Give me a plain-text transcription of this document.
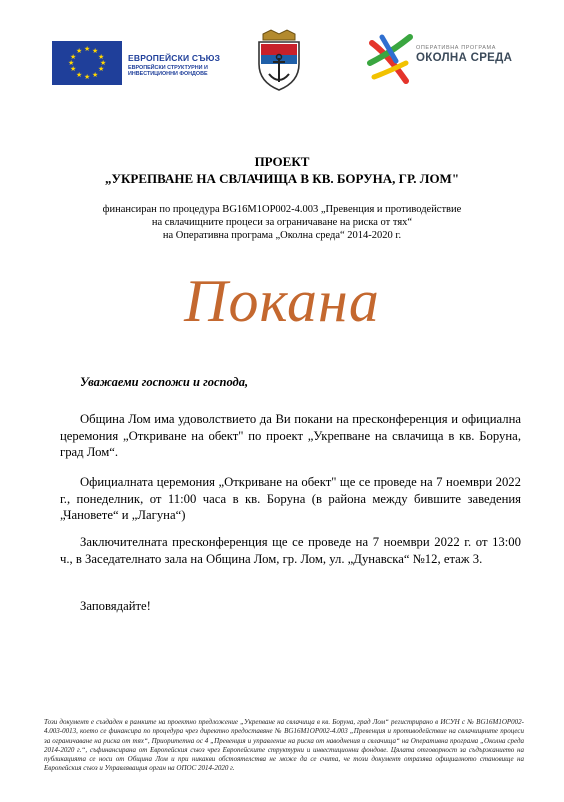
★ ★
★
★
★
★
★
★
★
★
★
★
ЕВРОПЕЙСКИ СЪЮЗ
ЕВРОПЕЙСКИ СТРУКТУРНИ И
ИНВЕСТИЦИОННИ ФОНДОВЕ
ОПЕРАТИВНА ПРОГРАМА
ОКОЛНА СРЕДА
ПРОЕКТ
„УКРЕПВАНЕ НА СВЛАЧИЩА В КВ. БОРУНА, ГР. ЛОМ"
финансиран по процедура BG16M1OP002-4.003 „Превенция и противодействие
на свлачищните процеси за ограничаване на риска от тях“
на Оперативна програма „Околна среда“ 2014-2020 г.
Покана
Уважаеми госпожи и господа,
Община Лом има удоволствието да Ви покани на пресконференция и официална церемония „Откриване на обект" по проект „Укрепване на свлачища в кв. Боруна, град Лом“.
Официалната церемония „Откриване на обект" ще се проведе на 7 ноември 2022 г., понеделник, от 11:00 часа в кв. Боруна (в района между бившите заведения „Чановете“ и „Лагуна“)
Заключителната пресконференция ще се проведе на 7 ноември 2022 г. от 13:00 ч., в Заседателнато зала на Община Лом, гр. Лом, ул. „Дунавска“ №12, етаж 3.
Заповядайте!
Този документ е създаден в рамките на проектно предложение „Укрепване на свлачища в кв. Боруна, град Лом“ регистрирано в ИСУН с № BG16M1OP002-4.003-0013, което се финансира по процедура чрез директно предоставяне № BG16M1OP002-4.003 „Превенция и противодействие на свлачищните процеси за ограничаване на риска от тях“, Приоритетна ос 4 „Превенция и управление на риска от наводнения и свлачища“ на Оперативна програма „Околна среда 2014-2020 г.“, съфинансирана от Европейския съюз чрез Европейските структурни и инвестиционни фондове. Цялата отговорност за съдържанието на публикацията се носи от Община Лом и при никакви обстоятелства не може да се счита, че този документ отразява официалното становище на Европейския съюз и Управляващия орган на ОПОС 2014-2020 г.
